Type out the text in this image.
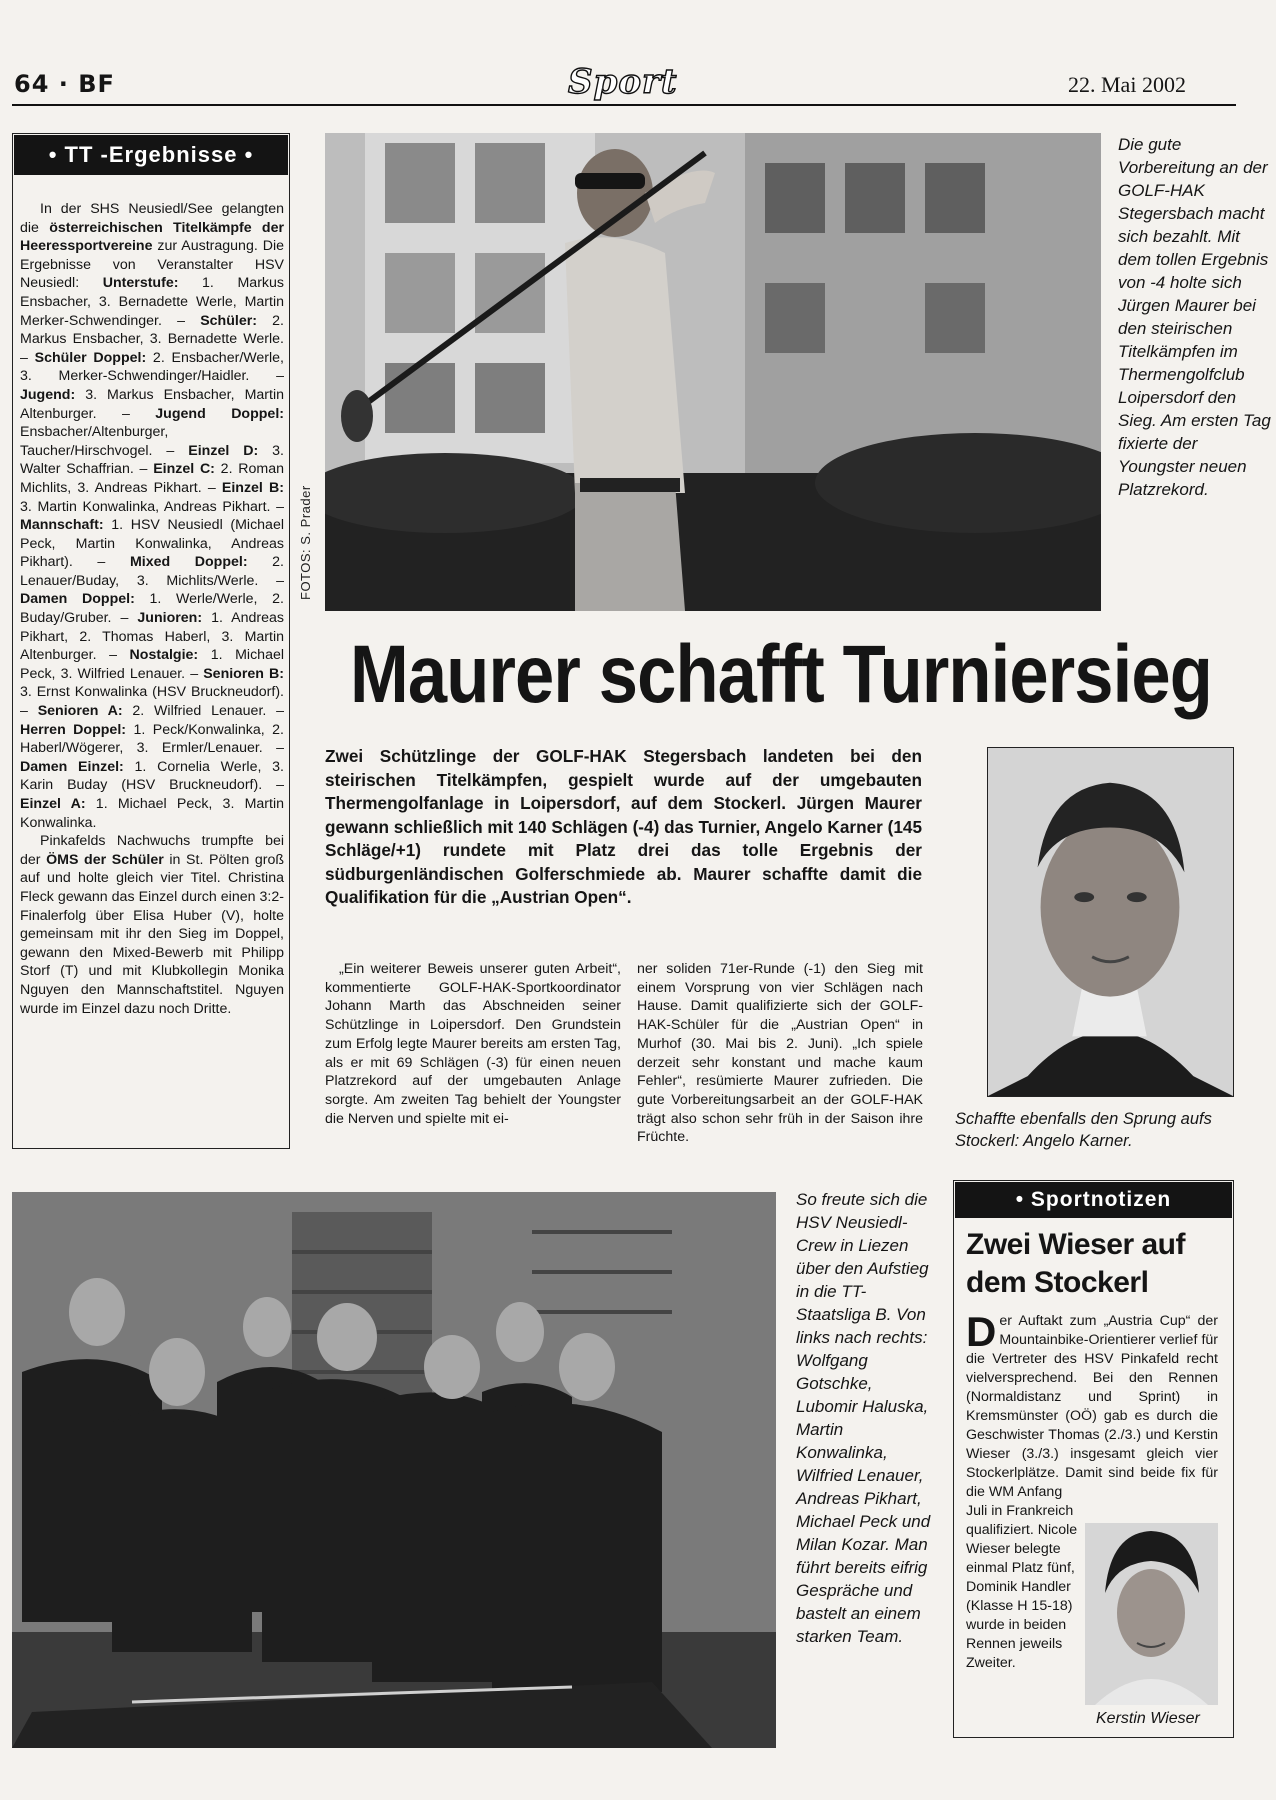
64 · BF	Sport	22. Mai 2002
• TT -Ergebnisse •

In der SHS Neusiedl/See gelangten die österreichischen Titelkämpfe der Heeressportvereine zur Austragung. Die Ergebnisse von Veranstalter HSV Neusiedl: Unterstufe: 1. Markus Ensbacher, 3. Bernadette Werle, Martin Merker-Schwendinger. – Schüler: 2. Markus Ensbacher, 3. Bernadette Werle. – Schüler Doppel: 2. Ensbacher/Werle, 3. Merker-Schwendinger/Haidler. – Jugend: 3. Markus Ensbacher, Martin Altenburger. – Jugend Doppel: Ensbacher/Altenburger, Taucher/Hirschvogel. – Einzel D: 3. Walter Schaffrian. – Einzel C: 2. Roman Michlits, 3. Andreas Pikhart. – Einzel B: 3. Martin Konwalinka, Andreas Pikhart. – Mannschaft: 1. HSV Neusiedl (Michael Peck, Martin Konwalinka, Andreas Pikhart). – Mixed Doppel: 2. Lenauer/Buday, 3. Michlits/Werle. – Damen Doppel: 1. Werle/Werle, 2. Buday/Gruber. – Junioren: 1. Andreas Pikhart, 2. Thomas Haberl, 3. Martin Altenburger. – Nostalgie: 1. Michael Peck, 3. Wilfried Lenauer. – Senioren B: 3. Ernst Konwalinka (HSV Bruckneudorf). – Senioren A: 2. Wilfried Lenauer. – Herren Doppel: 1. Peck/Konwalinka, 2. Haberl/Wögerer, 3. Ermler/Lenauer. – Damen Einzel: 1. Cornelia Werle, 3. Karin Buday (HSV Bruckneudorf). – Einzel A: 1. Michael Peck, 3. Martin Konwalinka.

Pinkafelds Nachwuchs trumpfte bei der ÖMS der Schüler in St. Pölten groß auf und holte gleich vier Titel. Christina Fleck gewann das Einzel durch einen 3:2-Finalerfolg über Elisa Huber (V), holte gemeinsam mit ihr den Sieg im Doppel, gewann den Mixed-Bewerb mit Philipp Storf (T) und mit Klubkollegin Monika Nguyen den Mannschaftstitel. Nguyen wurde im Einzel dazu noch Dritte.

FOTOS: S. Prader
Die gute Vorbereitung an der GOLF-HAK Stegersbach macht sich bezahlt. Mit dem tollen Ergebnis von -4 holte sich Jürgen Maurer bei den steirischen Titelkämpfen im Thermengolfclub Loipersdorf den Sieg. Am ersten Tag fixierte der Youngster neuen Platzrekord.
Maurer schafft Turniersieg
Zwei Schützlinge der GOLF-HAK Stegersbach landeten bei den steirischen Titelkämpfen, gespielt wurde auf der umgebauten Thermengolfanlage in Loipersdorf, auf dem Stockerl. Jürgen Maurer gewann schließlich mit 140 Schlägen (-4) das Turnier, Angelo Karner (145 Schläge/+1) rundete mit Platz drei das tolle Ergebnis der südburgenländischen Golferschmiede ab. Maurer schaffte damit die Qualifikation für die „Austrian Open“.

„Ein weiterer Beweis unserer guten Arbeit“, kommentierte GOLF-HAK-Sportkoordinator Johann Marth das Abschneiden seiner Schützlinge in Loipersdorf. Den Grundstein zum Erfolg legte Maurer bereits am ersten Tag, als er mit 69 Schlägen (-3) für einen neuen Platzrekord auf der umgebauten Anlage sorgte. Am zweiten Tag behielt der Youngster die Nerven und spielte mit ei-

ner soliden 71er-Runde (-1) den Sieg mit einem Vorsprung von vier Schlägen nach Hause. Damit qualifizierte sich der GOLF-HAK-Schüler für die „Austrian Open“ in Murhof (30. Mai bis 2. Juni). „Ich spiele derzeit sehr konstant und mache kaum Fehler“, resümierte Maurer zufrieden. Die gute Vorbereitungsarbeit an der GOLF-HAK trägt also schon sehr früh in der Saison ihre Früchte.

Schaffte ebenfalls den Sprung aufs Stockerl: Angelo Karner.
So freute sich die HSV Neusiedl-Crew in Liezen über den Aufstieg in die TT-Staatsliga B. Von links nach rechts: Wolfgang Gotschke, Lubomir Haluska, Martin Konwalinka, Wilfried Lenauer, Andreas Pikhart, Michael Peck und Milan Kozar. Man führt bereits eifrig Gespräche und bastelt an einem starken Team.
• Sportnotizen
Zwei Wieser auf dem Stockerl
Der Auftakt zum „Austria Cup“ der Mountainbike-Orientierer verlief für die Vertreter des HSV Pinkafeld recht vielversprechend. Bei den Rennen (Normaldistanz und Sprint) in Kremsmünster (OÖ) gab es durch die Geschwister Thomas (2./3.) und Kerstin Wieser (3./3.) insgesamt gleich vier Stockerlplätze. Damit sind beide fix für die WM Anfang
Juli in Frankreich qualifiziert. Nicole Wieser belegte einmal Platz fünf, Dominik Handler (Klasse H 15-18) wurde in beiden Rennen jeweils Zweiter.
Kerstin Wieser
